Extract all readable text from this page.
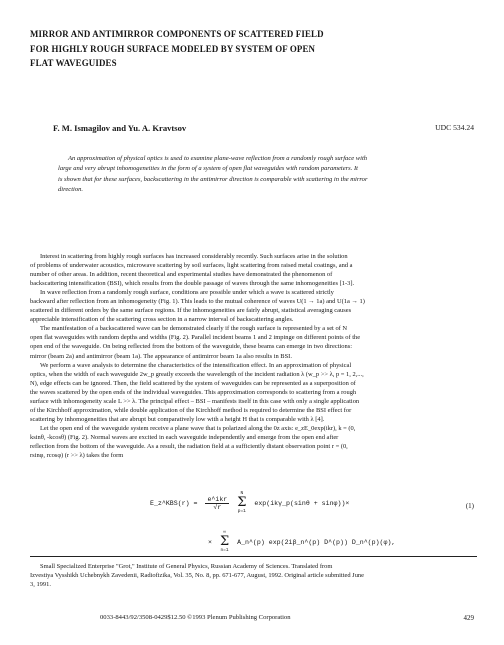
MIRROR AND ANTIMIRROR COMPONENTS OF SCATTERED FIELD
FOR HIGHLY ROUGH SURFACE MODELED BY SYSTEM OF OPEN
FLAT WAVEGUIDES
F. M. Ismagilov and Yu. A. Kravtsov	UDC 534.24
An approximation of physical optics is used to examine plane-wave reflection from a randomly rough surface with
large and very abrupt inhomogeneities in the form of a system of open flat waveguides with random parameters. It
is shown that for these surfaces, backscattering in the antimirror direction is comparable with scattering in the mirror
direction.
Interest in scattering from highly rough surfaces has increased considerably recently. Such surfaces arise in the solution
of problems of underwater acoustics, microwave scattering by soil surfaces, light scattering from raised metal coatings, and a
number of other areas. In addition, recent theoretical and experimental studies have demonstrated the phenomenon of
backscattering intensification (BSI), which results from the double passage of waves through the same inhomogeneities [1-3].
In wave reflection from a randomly rough surface, conditions are possible under which a wave is scattered strictly
backward after reflection from an inhomogeneity (Fig. 1). This leads to the mutual coherence of waves U(1 → 1a) and U(1a → 1)
scattered in different orders by the same surface regions. If the inhomogeneities are fairly abrupt, statistical averaging causes
appreciable intensification of the scattering cross section in a narrow interval of backscattering angles.
The manifestation of a backscattered wave can be demonstrated clearly if the rough surface is represented by a set of N
open flat waveguides with random depths and widths (Fig. 2). Parallel incident beams 1 and 2 impinge on different points of the
open end of the waveguide. On being reflected from the bottom of the waveguide, these beams can emerge in two directions:
mirror (beam 2a) and antimirror (beam 1a). The appearance of antimirror beam 1a also results in BSI.
We perform a wave analysis to determine the characteristics of the intensification effect. In an approximation of physical
optics, when the width of each waveguide 2w_p greatly exceeds the wavelength of the incident radiation λ (w_p >> λ, p = 1, 2,...,
N), edge effects can be ignored. Then, the field scattered by the system of waveguides can be represented as a superposition of
the waves scattered by the open ends of the individual waveguides. This approximation corresponds to scattering from a rough
surface with inhomogeneity scale L >> λ. The principal effect – BSI – manifests itself in this case with only a single application
of the Kirchhoff approximation, while double application of the Kirchhoff method is required to determine the BSI effect for
scattering by inhomogeneities that are abrupt but comparatively low with a height H that is comparable with λ [4].
Let the open end of the waveguide system receive a plane wave that is polarized along the 0z axis: e_zE_0exp(ikr), k = (0,
ksinθ, -kcosθ) (Fig. 2). Normal waves are excited in each waveguide independently and emerge from the open end after
reflection from the bottom of the waveguide. As a result, the radiation field at a sufficiently distant observation point r = (0,
rsinφ, rcosφ) (r >> λ) takes the form
E_z^KBS(r) =
e^ikr
√r

N
Σ
p=1
exp(ikγ_p(sinθ + sinφ))×	(1)
×
∞
Σ
n=1
A_n^(p) exp(2iβ_n^(p) D^(p)) D_n^(p)(φ),
Small Specialized Enterprise "Grot," Institute of General Physics, Russian Academy of Sciences. Translated from
Izvestiya Vysshikh Uchebnykh Zavedenii, Radiofizika, Vol. 35, No. 8, pp. 671-677, August, 1992. Original article submitted June
3, 1991.
0033-8443/92/3508-0429$12.50 ©1993 Plenum Publishing Corporation	429
